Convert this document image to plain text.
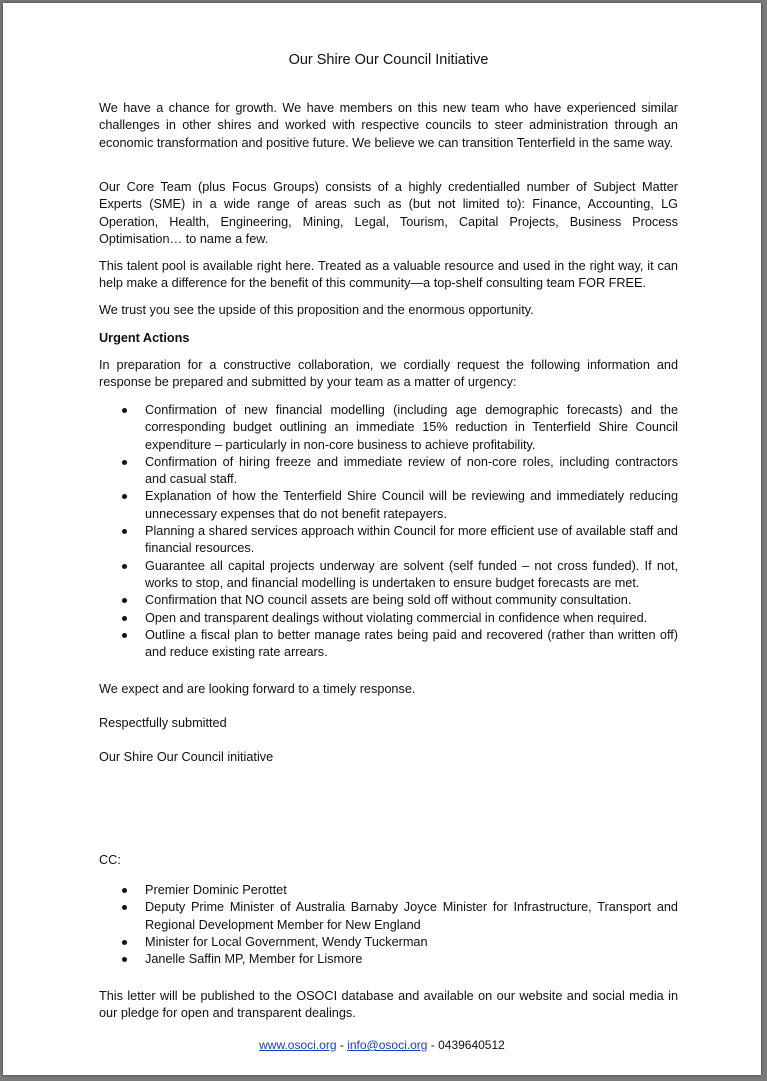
Our Shire Our Council Initiative

We have a chance for growth. We have members on this new team who have experienced similar challenges in other shires and worked with respective councils to steer administration through an economic transformation and positive future. We believe we can transition Tenterfield in the same way.

Our Core Team (plus Focus Groups) consists of a highly credentialled number of Subject Matter Experts (SME) in a wide range of areas such as (but not limited to): Finance, Accounting, LG Operation, Health, Engineering, Mining, Legal, Tourism, Capital Projects, Business Process Optimisation… to name a few.

This talent pool is available right here. Treated as a valuable resource and used in the right way, it can help make a difference for the benefit of this community—a top-shelf consulting team FOR FREE.

We trust you see the upside of this proposition and the enormous opportunity.

Urgent Actions

In preparation for a constructive collaboration, we cordially request the following information and response be prepared and submitted by your team as a matter of urgency:

Confirmation of new financial modelling (including age demographic forecasts) and the corresponding budget outlining an immediate 15% reduction in Tenterfield Shire Council expenditure – particularly in non-core business to achieve profitability.
Confirmation of hiring freeze and immediate review of non-core roles, including contractors and casual staff.
Explanation of how the Tenterfield Shire Council will be reviewing and immediately reducing unnecessary expenses that do not benefit ratepayers.
Planning a shared services approach within Council for more efficient use of available staff and financial resources.
Guarantee all capital projects underway are solvent (self funded – not cross funded). If not, works to stop, and financial modelling is undertaken to ensure budget forecasts are met.
Confirmation that NO council assets are being sold off without community consultation.
Open and transparent dealings without violating commercial in confidence when required.
Outline a fiscal plan to better manage rates being paid and recovered (rather than written off) and reduce existing rate arrears.

We expect and are looking forward to a timely response.

Respectfully submitted

Our Shire Our Council initiative

CC:

Premier Dominic Perottet
Deputy Prime Minister of Australia Barnaby Joyce Minister for Infrastructure, Transport and Regional Development Member for New England
Minister for Local Government, Wendy Tuckerman
Janelle Saffin MP, Member for Lismore

This letter will be published to the OSOCI database and available on our website and social media in our pledge for open and transparent dealings.

www.osoci.org - info@osoci.org - 0439640512
